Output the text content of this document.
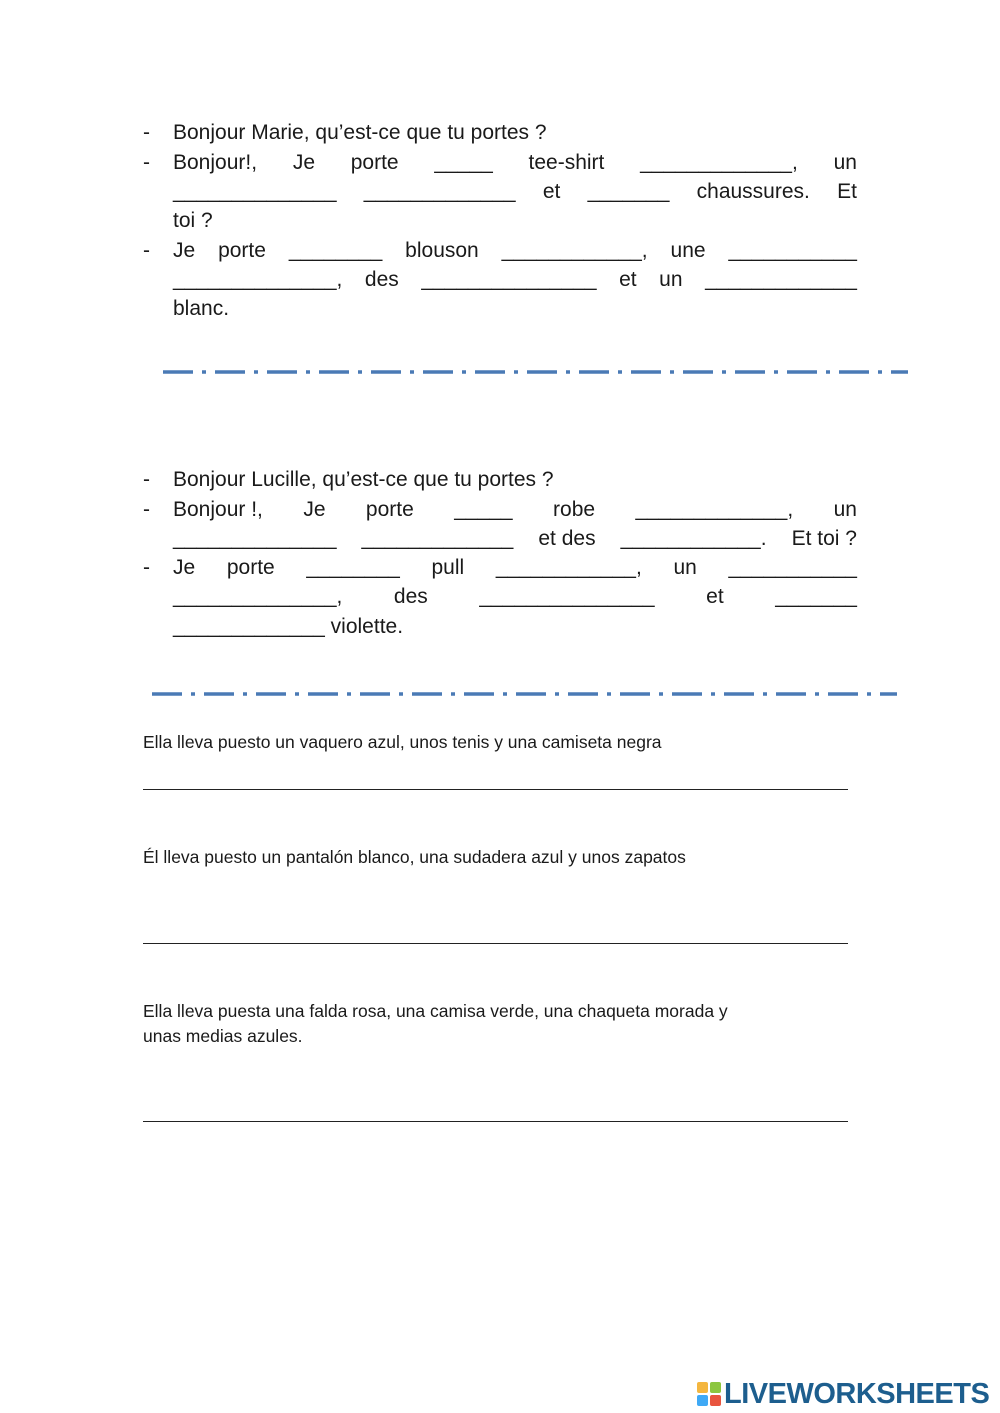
-	Bonjour Marie, qu’est-ce que tu portes ?
-	Bonjour!, Je porte _____ tee-shirt _____________, un
______________ _____________ et _______ chaussures. Et
toi ?
-	Je porte ________ blouson ____________, une ___________
______________, des _______________ et un _____________
blanc.
-	Bonjour Lucille, qu’est-ce que tu portes ?
-	Bonjour !, Je porte _____ robe _____________, un
______________ _____________ et des ____________. Et toi ?
-	Je porte ________ pull ____________, un ___________
______________, des _______________ et _______
_____________ violette.
Ella lleva puesto un vaquero azul, unos tenis y una camiseta negra
Él lleva puesto un pantalón blanco, una sudadera azul y unos zapatos
Ella lleva puesta una falda rosa, una camisa verde, una chaqueta morada y
unas medias azules.
LIVEWORKSHEETS
